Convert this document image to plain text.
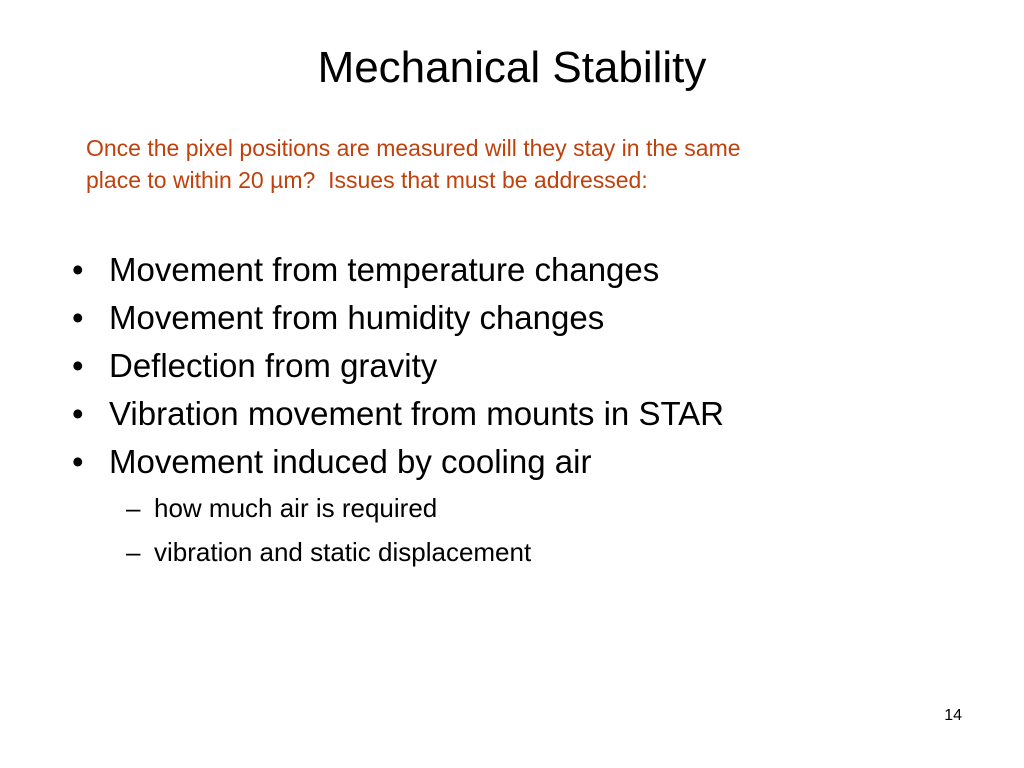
Mechanical Stability
Once the pixel positions are measured will they stay in the same
place to within 20 µm?  Issues that must be addressed:
• Movement from temperature changes
• Movement from humidity changes
• Deflection from gravity
• Vibration movement from mounts in STAR
• Movement induced by cooling air
– how much air is required
– vibration and static displacement
14
